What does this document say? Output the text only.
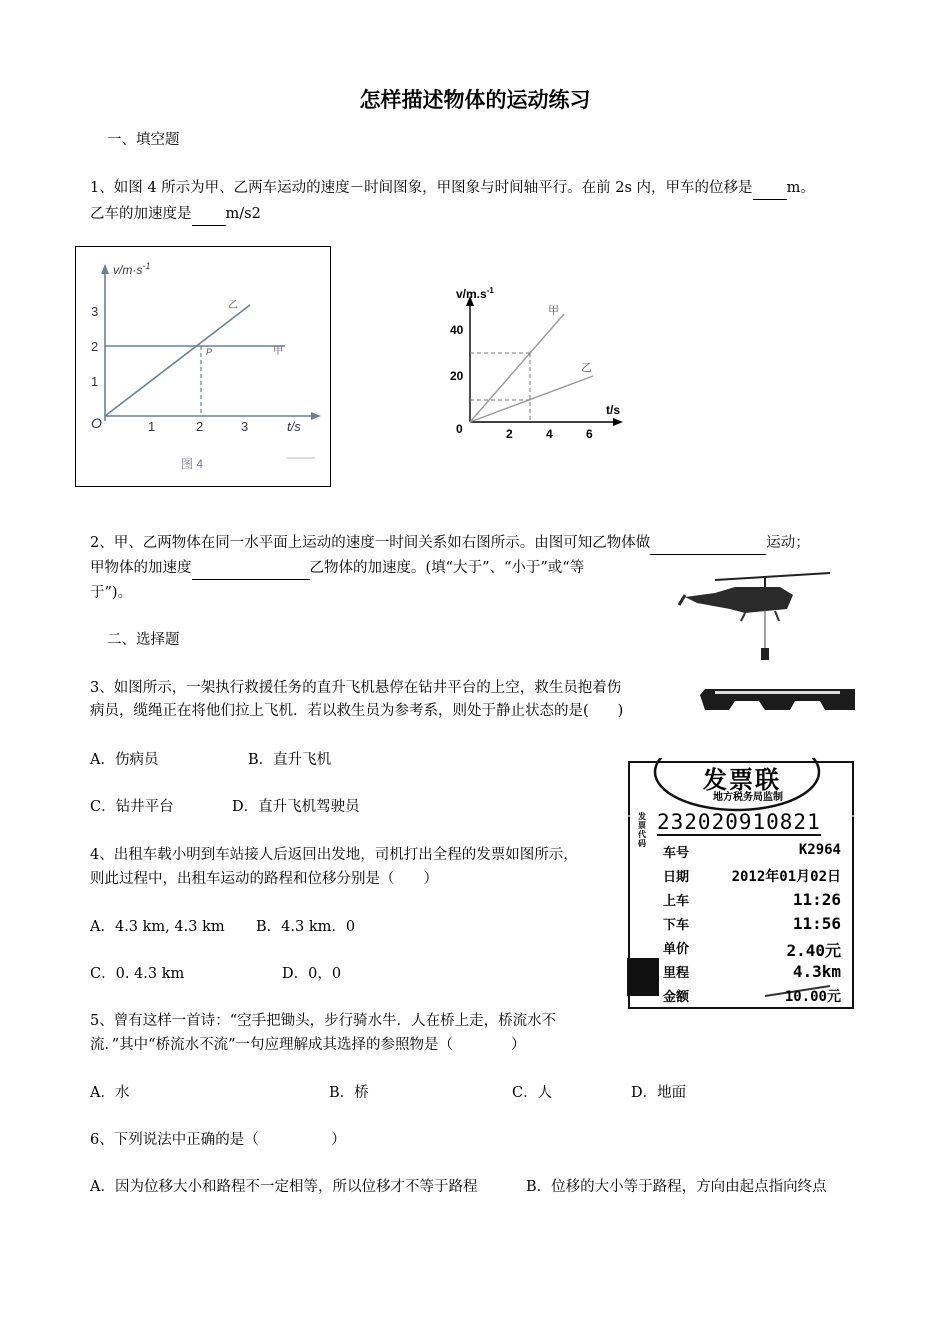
怎样描述物体的运动练习
一、填空题
1、如图 4 所示为甲、乙两车运动的速度－时间图象，甲图象与时间轴平行。在前 2s 内，甲车的位移是 m。
乙车的加速度是 m/s2
$v/m\cdot s^{-1}$
3
2
1
O	1	2	3	t/s
乙
甲
P
图 4
$v/m.s^{-1}$
40
20
0	2	4	6
t/s
甲
乙
2、甲、乙两物体在同一水平面上运动的速度一时间关系如右图所示。由图可知乙物体做	运动；
甲物体的加速度	乙物体的加速度。(填“大于”、“小于”或“等
于”)。
二、选择题
3、如图所示，一架执行救援任务的直升飞机悬停在钻井平台的上空，救生员抱着伤
病员，缆绳正在将他们拉上飞机．若以救生员为参考系，则处于静止状态的是(　　)
A．伤病员	B．直升飞机
C．钻井平台	D．直升飞机驾驶员
4、出租车载小明到车站接人后返回出发地，司机打出全程的发票如图所示，
则此过程中，出租车运动的路程和位移分别是（　　）
A．4.3 km, 4.3 km B．4.3 km．0
C．0. 4.3 km	D．0，0
发票联
地方税务局监制
发票代码
232020910821
车号	K2964
日期	2012年01月02日
上车	11:26
下车	11:56
单价	2.40元
里程	4.3km
金额	10.00元
5、曾有这样一首诗：“空手把锄头，步行骑水牛．人在桥上走，桥流水不
流．”其中“桥流水不流”一句应理解成其选择的参照物是（　　　　）
A．水	B．桥	C．人	D．地面
6、下列说法中正确的是（　　　　　）
A．因为位移大小和路程不一定相等，所以位移才不等于路程	B．位移的大小等于路程，方向由起点指向终点
